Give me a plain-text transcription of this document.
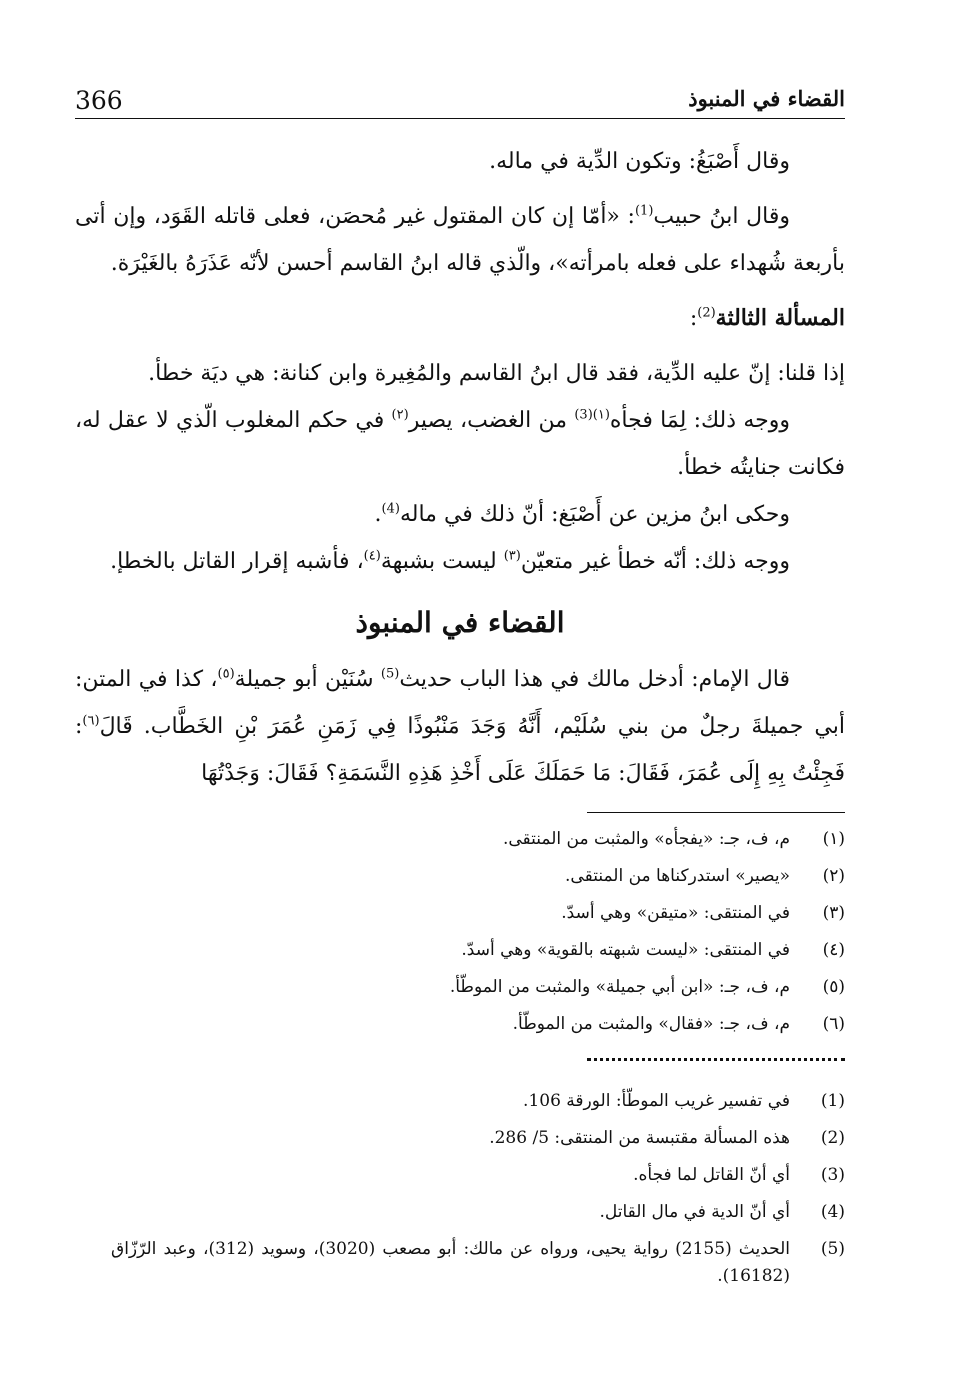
366	القضاء في المنبوذ

وقال أَصْبَغُ: وتكون الدِّية في ماله.

وقال ابنُ حبيب$^{(1)}$: «أمّا إن كان المقتول غير مُحصَن، فعلى قاتله القَوَد، وإن أتى بأربعة شُهداء على فعله بامرأته»، والّذي قاله ابنُ القاسم أحسن لأنّه عَذَرَهُ بالغَيْرَة.

المسألة الثالثة$^{(2)}$:

إذا قلنا: إنّ عليه الدِّية، فقد قال ابنُ القاسم والمُغِيرة وابن كنانة: هي ديَة خطأ.

ووجه ذلك: لِمَا فجأه$^{(١)(3)}$ من الغضب، يصير$^{(٢)}$ في حكم المغلوب الّذي لا عقل له، فكانت جنايتُه خطأ.

وحكى ابنُ مزين عن أَصْبَغ: أنّ ذلك في ماله$^{(4)}$.

ووجه ذلك: أنّه خطأ غير متعيّن$^{(٣)}$ ليست بشبهة$^{(٤)}$، فأشبه إقرار القاتل بالخطإ.

القضاء في المنبوذ

قال الإمام: أدخل مالك في هذا الباب حديث$^{(5)}$ سُنَيْن أبو جميلة$^{(٥)}$، كذا في المتن: أبي جميلةَ رجلٌ من بني سُلَيْم، أَنَّهُ وَجَدَ مَنْبُوذًا فِي زَمَنِ عُمَرَ بْنِ الخَطَّاب. قَالَ$^{(٦)}$: فَجِئْتُ بِهِ إِلَى عُمَرَ، فَقَالَ: مَا حَمَلَكَ عَلَى أَخْذِ هَذِهِ النَّسَمَةِ؟ فَقَالَ: وَجَدْتُهَا

(١)
م، ف، جـ: «يفجأه» والمثبت من المنتقى.
(٢)
«يصير» استدركناها من المنتقى.
(٣)
في المنتقى: «متيقن» وهي أسدّ.
(٤)
في المنتقى: «ليست شبهته بالقوية» وهي أسدّ.
(٥)
م، ف، جـ: «ابن أبي جميلة» والمثبت من الموطّأ.
(٦)
م، ف، جـ: «فقال» والمثبت من الموطّأ.
(1)
في تفسير غريب الموطّأ: الورقة 106.
(2)
هذه المسألة مقتبسة من المنتقى: 5/ 286.
(3)
أي أنّ القاتل لما فجأه.
(4)
أي أنّ الدية في مال القاتل.
(5)
الحديث (2155) رواية يحيى، ورواه عن مالك: أبو مصعب (3020)، وسويد (312)، وعبد الرّزّاق (16182).
